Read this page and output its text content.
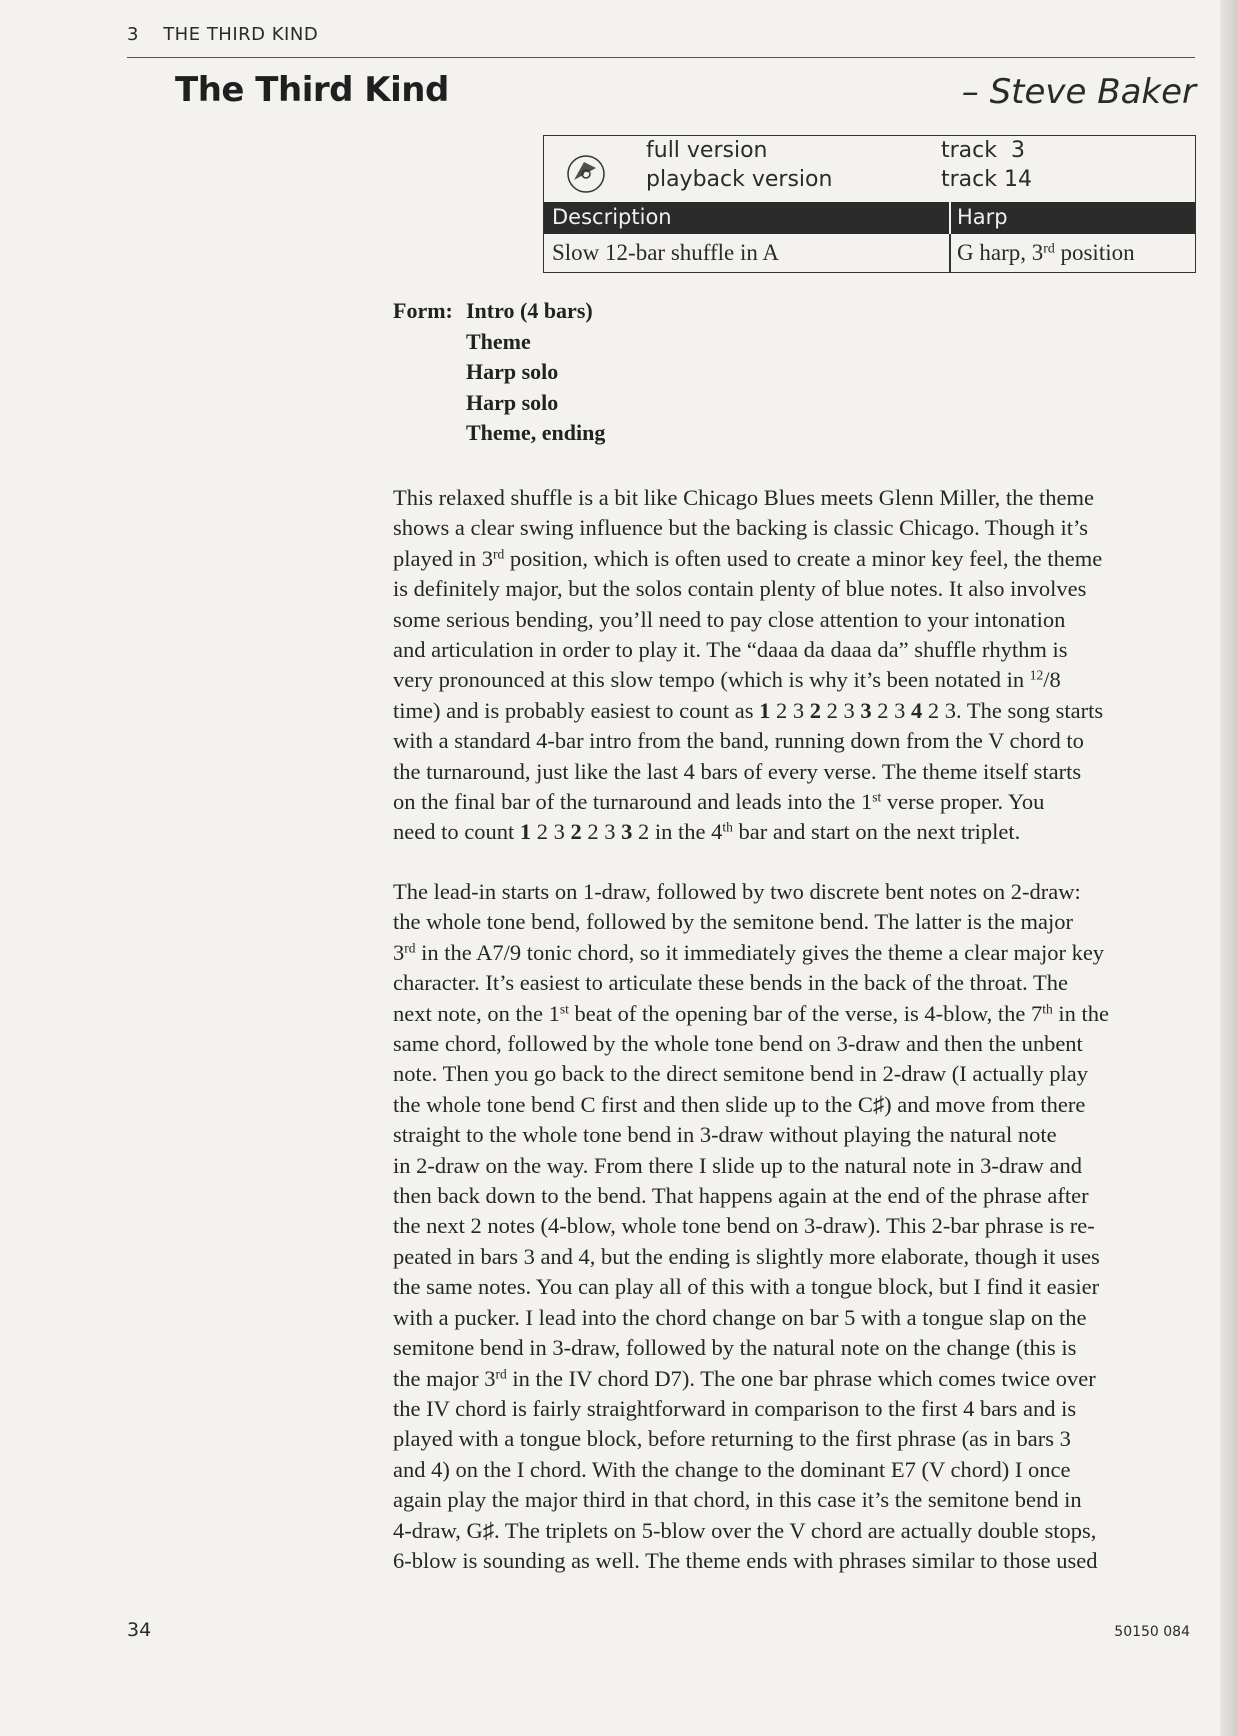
3 THE THIRD KIND
The Third Kind	– Steve Baker
full version	track 3
playback version	track 14
Description	Harp
Slow 12-bar shuffle in A	G harp, 3rd position
Form: Intro (4 bars)
Theme
Harp solo
Harp solo
Theme, ending
This relaxed shuffle is a bit like Chicago Blues meets Glenn Miller, the theme
shows a clear swing influence but the backing is classic Chicago. Though it’s
played in 3rd position, which is often used to create a minor key feel, the theme
is definitely major, but the solos contain plenty of blue notes. It also involves
some serious bending, you’ll need to pay close attention to your intonation
and articulation in order to play it. The “daaa da daaa da” shuffle rhythm is
very pronounced at this slow tempo (which is why it’s been notated in $^{12}$/8
time) and is probably easiest to count as 1 2 3 2 2 3 3 2 3 4 2 3. The song starts
with a standard 4-bar intro from the band, running down from the V chord to
the turnaround, just like the last 4 bars of every verse. The theme itself starts
on the final bar of the turnaround and leads into the 1st verse proper. You
need to count 1 2 3 2 2 3 3 2 in the 4th bar and start on the next triplet.
The lead-in starts on 1-draw, followed by two discrete bent notes on 2-draw:
the whole tone bend, followed by the semitone bend. The latter is the major
3rd in the A7/9 tonic chord, so it immediately gives the theme a clear major key
character. It’s easiest to articulate these bends in the back of the throat. The
next note, on the 1st beat of the opening bar of the verse, is 4-blow, the 7th in the
same chord, followed by the whole tone bend on 3-draw and then the unbent
note. Then you go back to the direct semitone bend in 2-draw (I actually play
the whole tone bend C first and then slide up to the C♯) and move from there
straight to the whole tone bend in 3-draw without playing the natural note
in 2-draw on the way. From there I slide up to the natural note in 3-draw and
then back down to the bend. That happens again at the end of the phrase after
the next 2 notes (4-blow, whole tone bend on 3-draw). This 2-bar phrase is re-
peated in bars 3 and 4, but the ending is slightly more elaborate, though it uses
the same notes. You can play all of this with a tongue block, but I find it easier
with a pucker. I lead into the chord change on bar 5 with a tongue slap on the
semitone bend in 3-draw, followed by the natural note on the change (this is
the major 3rd in the IV chord D7). The one bar phrase which comes twice over
the IV chord is fairly straightforward in comparison to the first 4 bars and is
played with a tongue block, before returning to the first phrase (as in bars 3
and 4) on the I chord. With the change to the dominant E7 (V chord) I once
again play the major third in that chord, in this case it’s the semitone bend in
4-draw, G♯. The triplets on 5-blow over the V chord are actually double stops,
6-blow is sounding as well. The theme ends with phrases similar to those used
34	50150 084
